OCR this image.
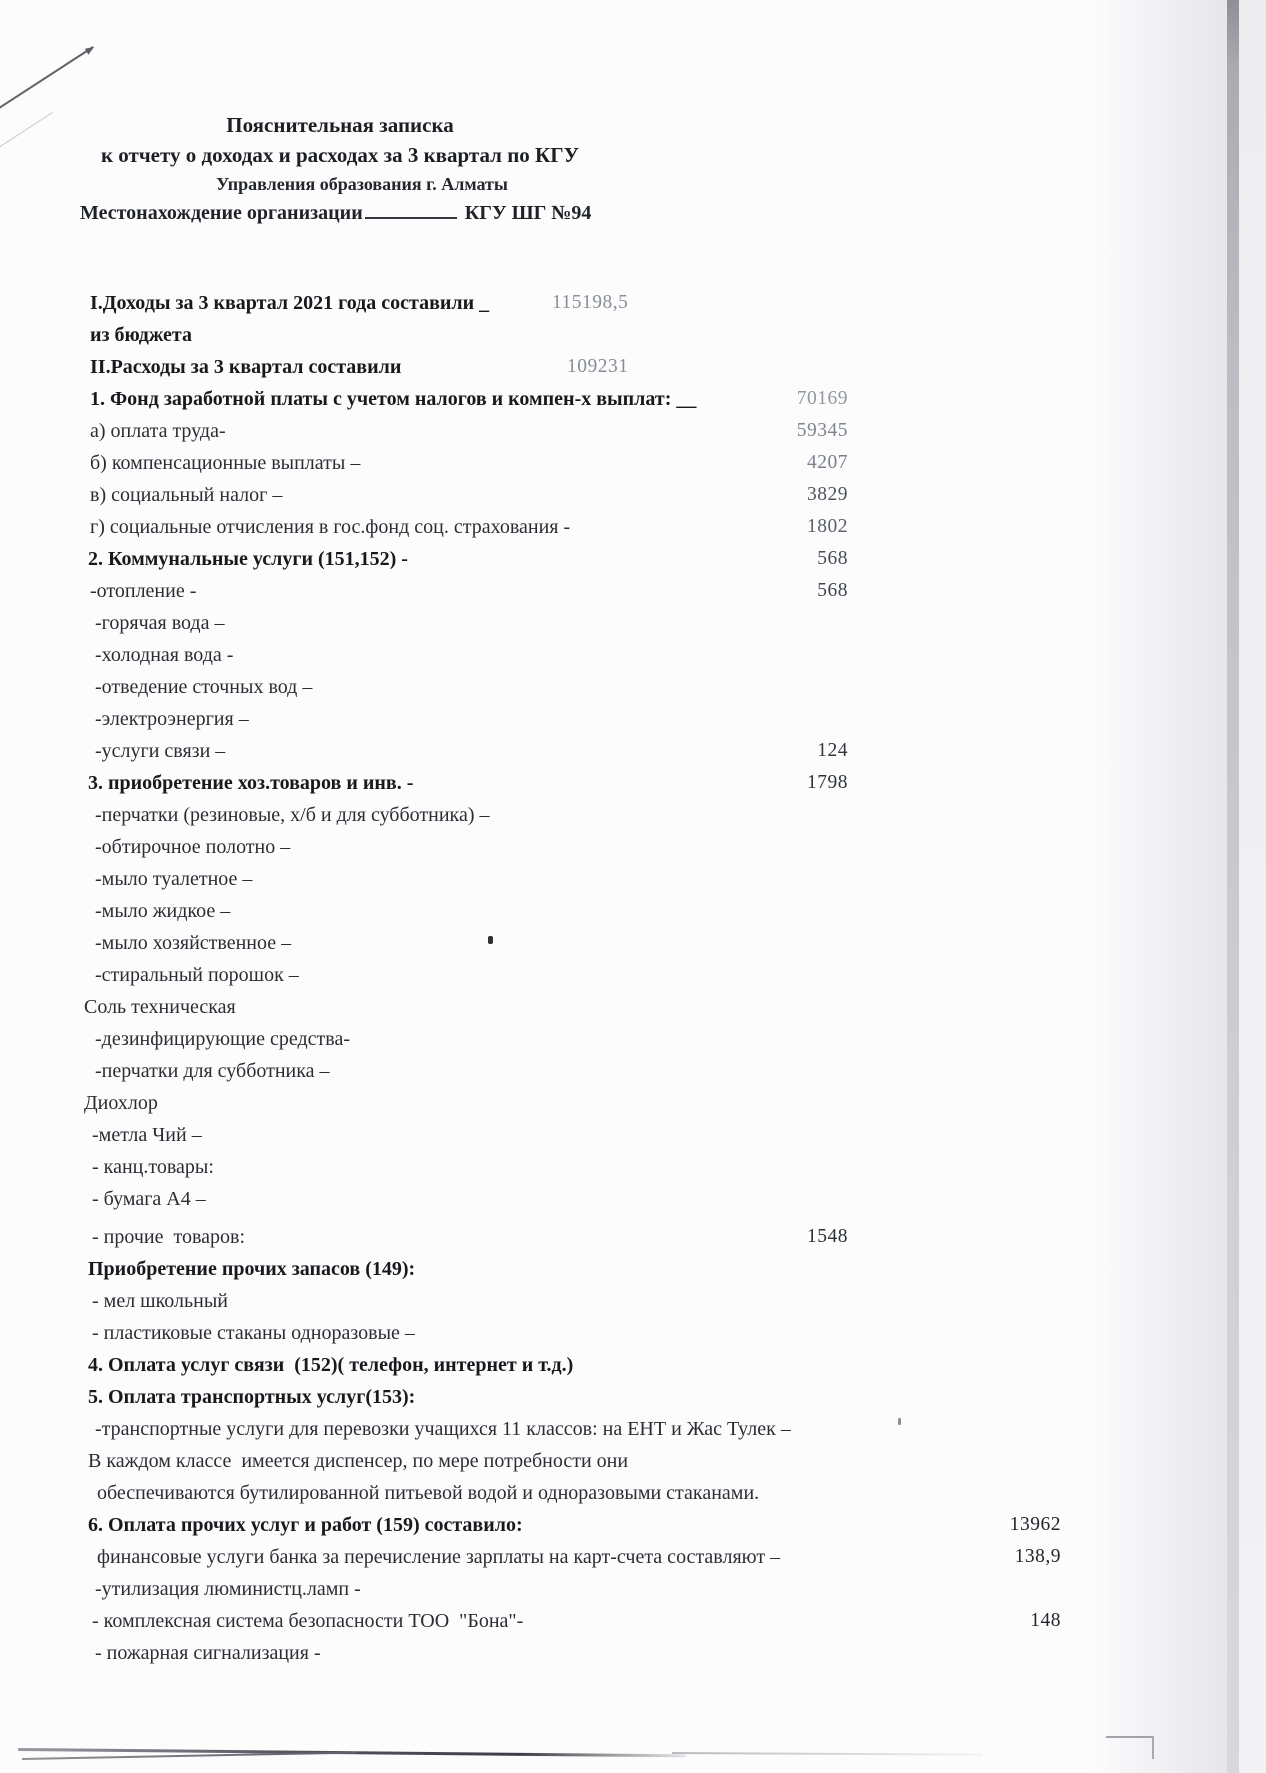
Пояснительная записка
к отчету о доходах и расходах за 3 квартал по КГУ
Управления образования г. Алматы
Местонахождение организации	КГУ ШГ №94
I.Доходы за 3 квартал 2021 года составили _	115198,5
из бюджета
II.Расходы за 3 квартал составили	109231
1. Фонд заработной платы с учетом налогов и компен-х выплат: __	70169
а) оплата труда-	59345
б) компенсационные выплаты –	4207
в) социальный налог –	3829
г) социальные отчисления в гос.фонд соц. страхования -	1802
2. Коммунальные услуги (151,152) -	568
-отопление -	568
-горячая вода –
-холодная вода -
-отведение сточных вод –
-электроэнергия –
-услуги связи –	124
3. приобретение хоз.товаров и инв. -	1798
-перчатки (резиновые, х/б и для субботника) –
-обтирочное полотно –
-мыло туалетное –
-мыло жидкое –
-мыло хозяйственное –
-стиральный порошок –
Соль техническая
-дезинфицирующие средства-
-перчатки для субботника –
Диохлор
-метла Чий –
- канц.товары:
- бумага А4 –
- прочие  товаров:	1548
Приобретение прочих запасов (149):
- мел школьный
- пластиковые стаканы одноразовые –
4. Оплата услуг связи  (152)( телефон, интернет и т.д.)
5. Оплата транспортных услуг(153):
-транспортные услуги для перевозки учащихся 11 классов: на ЕНТ и Жас Тулек –
В каждом классе  имеется диспенсер, по мере потребности они
обеспечиваются бутилированной питьевой водой и одноразовыми стаканами.
6. Оплата прочих услуг и работ (159) составило:	13962
финансовые услуги банка за перечисление зарплаты на карт-счета составляют –	138,9
-утилизация люминистц.ламп -
- комплексная система безопасности ТОО  "Бона"-	148
- пожарная сигнализация -
